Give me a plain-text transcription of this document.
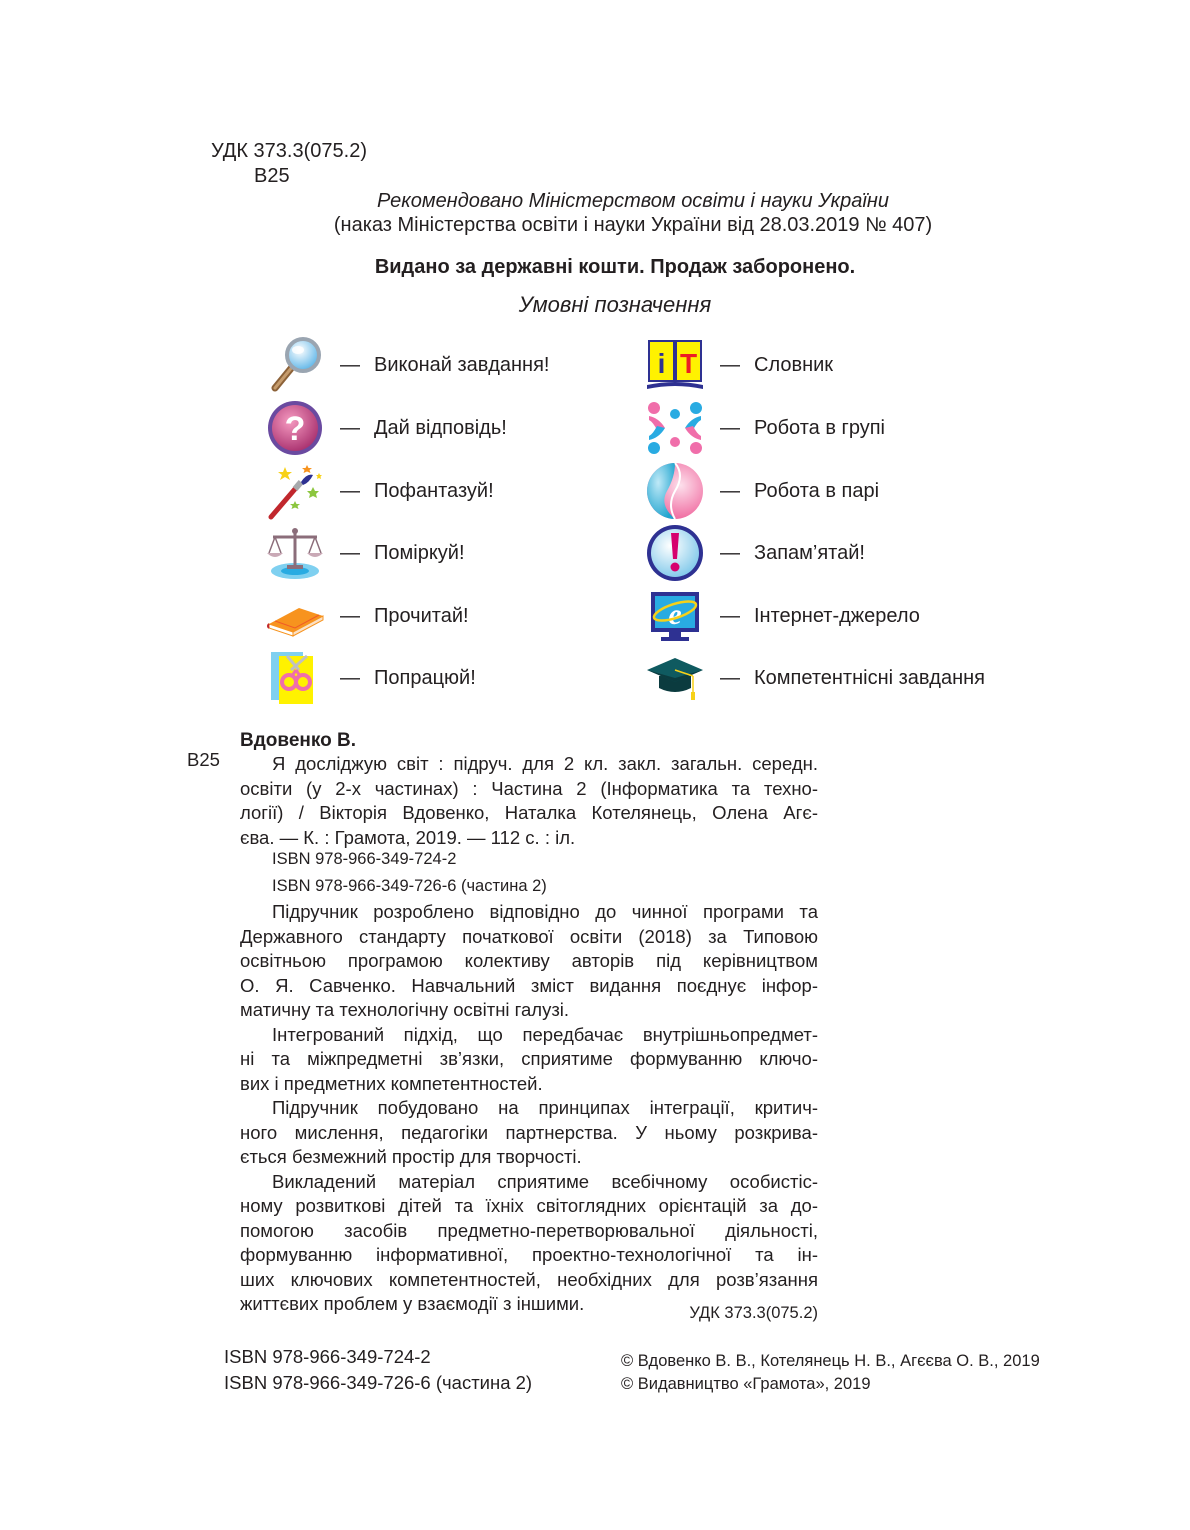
УДК 373.3(075.2)
В25
Рекомендовано Міністерством освіти і науки України
(наказ Міністерства освіти і науки України від 28.03.2019 № 407)
Видано за державні кошти. Продаж заборонено.
Умовні позначення
— Виконай завдання!
? — Дай відповідь!
— Пофантазуй!
— Поміркуй!
— Прочитай!
— Попрацюй!
i T — Словник
— Робота в групі
— Робота в парі
— Запам’ятай!
e — Інтернет-джерело
— Компетентнісні завдання
Вдовенко В.
В25	Я досліджую світ : підруч. для 2 кл. закл. загальн. середн.
освіти (у 2-х частинах) : Частина 2 (Інформатика та техно-
логії) / Вікторія Вдовенко, Наталка Котелянець, Олена Агє-
єва. — К. : Грамота, 2019. — 112 с. : іл.
ISBN 978-966-349-724-2
ISBN 978-966-349-726-6 (частина 2)
Підручник розроблено відповідно до чинної програми та
Державного стандарту початкової освіти (2018) за Типовою
освітньою програмою колективу авторів під керівництвом
О. Я. Савченко. Навчальний зміст видання поєднує інфор-
матичну та технологічну освітні галузі.
Інтегрований підхід, що передбачає внутрішньопредмет-
ні та міжпредметні зв’язки, сприятиме формуванню ключо-
вих і предметних компетентностей.
Підручник побудовано на принципах інтеграції, критич-
ного мислення, педагогіки партнерства. У ньому розкрива-
ється безмежний простір для творчості.
Викладений матеріал сприятиме всебічному особистіс-
ному розвиткові дітей та їхніх світоглядних орієнтацій за до-
помогою засобів предметно-перетворювальної діяльності,
формуванню інформативної, проектно-технологічної та ін-
ших ключових компетентностей, необхідних для розв’язання
життєвих проблем у взаємодії з іншими.	УДК 373.3(075.2)
ISBN 978-966-349-724-2
ISBN 978-966-349-726-6 (частина 2)
© Вдовенко В. В., Котелянець Н. В., Агєєва О. В., 2019
© Видавництво «Грамота», 2019
